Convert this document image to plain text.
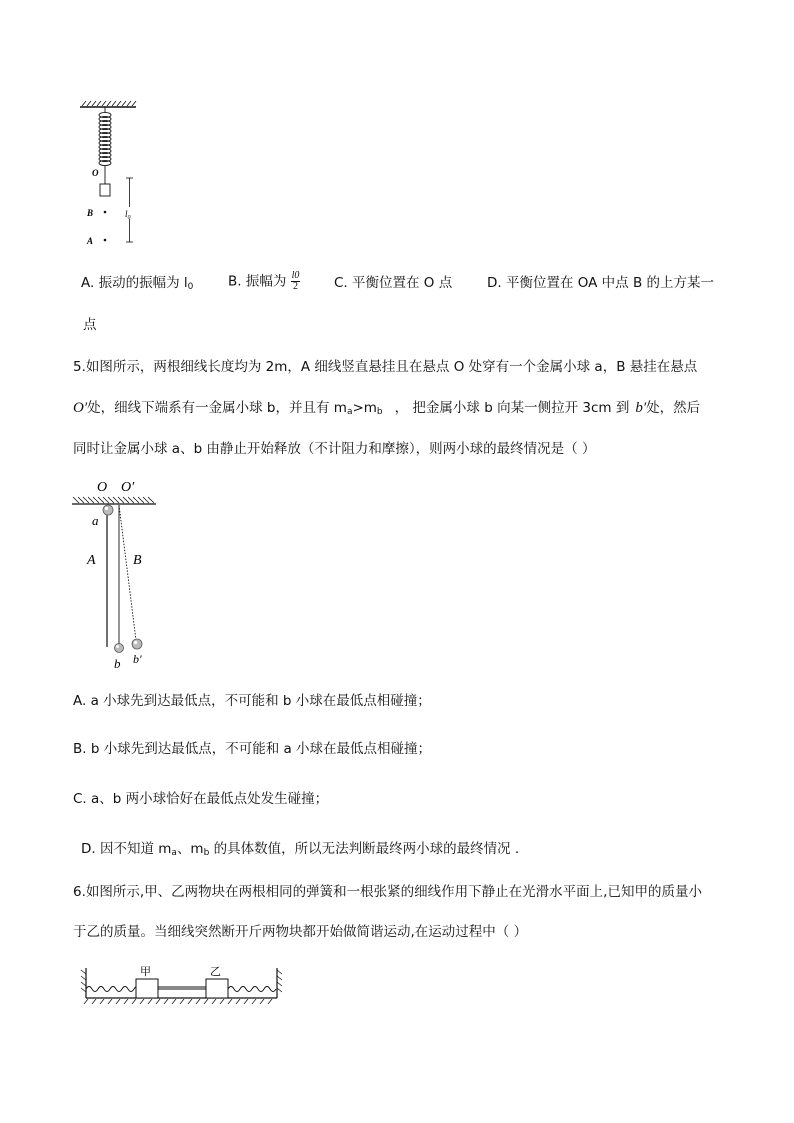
O
B
A
$l_0$
A. 振动的振幅为 $l_0$	B. 振幅为 $\frac{l0}{2} C$. 平衡位置在 O 点	D. 平衡位置在 OA 中点 B 的上方某一
点
5.如图所示，两根细线长度均为 2m，A 细线竖直悬挂且在悬点 O 处穿有一个金属小球 a，B 悬挂在悬点
O′处，细线下端系有一金属小球 b，并且有 $m_a>m_b$ ， 把金属小球 b 向某一侧拉开 3cm 到 b′处，然后
同时让金属小球 a、b 由静止开始释放（不计阻力和摩擦），则两小球的最终情况是（ ）
O O′
a
A	B
b b′
A. a 小球先到达最低点，不可能和 b 小球在最低点相碰撞；
B. b 小球先到达最低点，不可能和 a 小球在最低点相碰撞；
C. a、b 两小球恰好在最低点处发生碰撞；
D. 因不知道 $m_a$、$m_b$ 的具体数值，所以无法判断最终两小球的最终情况 .
6.如图所示,甲、乙两物块在两根相同的弹簧和一根张紧的细线作用下静止在光滑水平面上,已知甲的质量小
于乙的质量。当细线突然断开斤两物块都开始做简谐运动,在运动过程中（ ）
甲	乙
